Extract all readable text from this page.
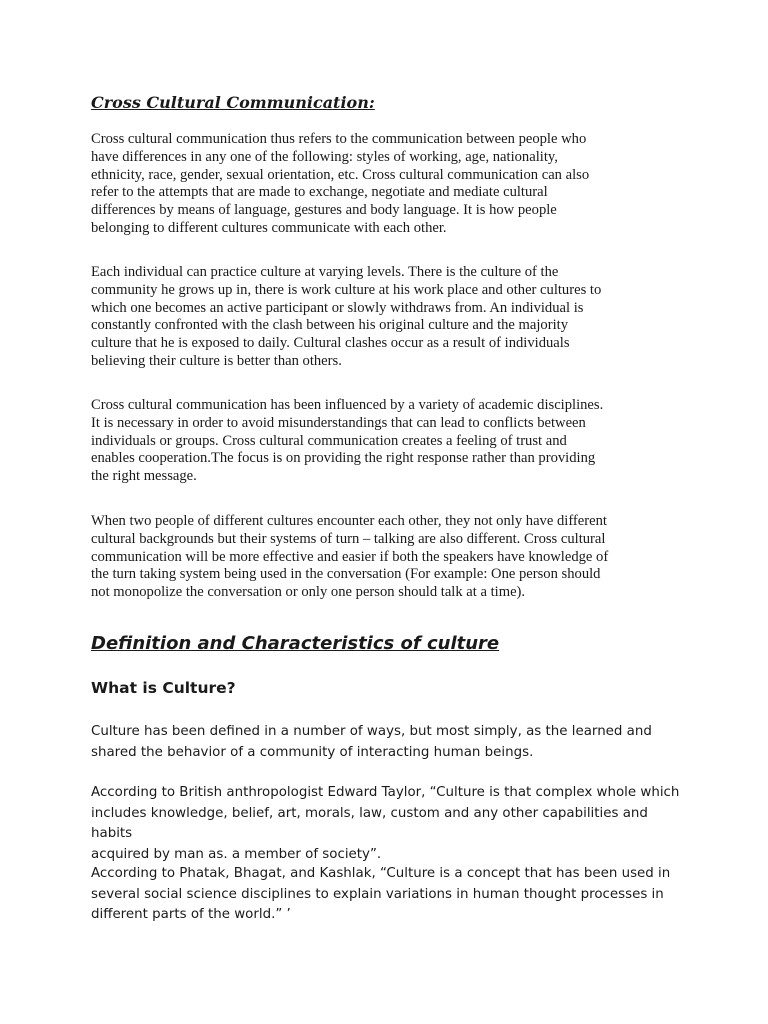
Cross Cultural Communication:

Cross cultural communication thus refers to the communication between people who
have differences in any one of the following: styles of working, age, nationality,
ethnicity, race, gender, sexual orientation, etc. Cross cultural communication can also
refer to the attempts that are made to exchange, negotiate and mediate cultural
differences by means of language, gestures and body language. It is how people
belonging to different cultures communicate with each other.

Each individual can practice culture at varying levels. There is the culture of the
community he grows up in, there is work culture at his work place and other cultures to
which one becomes an active participant or slowly withdraws from. An individual is
constantly confronted with the clash between his original culture and the majority
culture that he is exposed to daily. Cultural clashes occur as a result of individuals
believing their culture is better than others.

Cross cultural communication has been influenced by a variety of academic disciplines.
It is necessary in order to avoid misunderstandings that can lead to conflicts between
individuals or groups. Cross cultural communication creates a feeling of trust and
enables cooperation.The focus is on providing the right response rather than providing
the right message.

When two people of different cultures encounter each other, they not only have different
cultural backgrounds but their systems of turn – talking are also different. Cross cultural
communication will be more effective and easier if both the speakers have knowledge of
the turn taking system being used in the conversation (For example: One person should
not monopolize the conversation or only one person should talk at a time).

Definition and Characteristics of culture
What is Culture?

Culture has been defined in a number of ways, but most simply, as the learned and
shared the behavior of a community of interacting human beings.

According to British anthropologist Edward Taylor, “Culture is that complex whole which
includes knowledge, belief, art, morals, law, custom and any other capabilities and habits
acquired by man as. a member of society”.

According to Phatak, Bhagat, and Kashlak, “Culture is a concept that has been used in
several social science disciplines to explain variations in human thought processes in
different parts of the world.” ’
